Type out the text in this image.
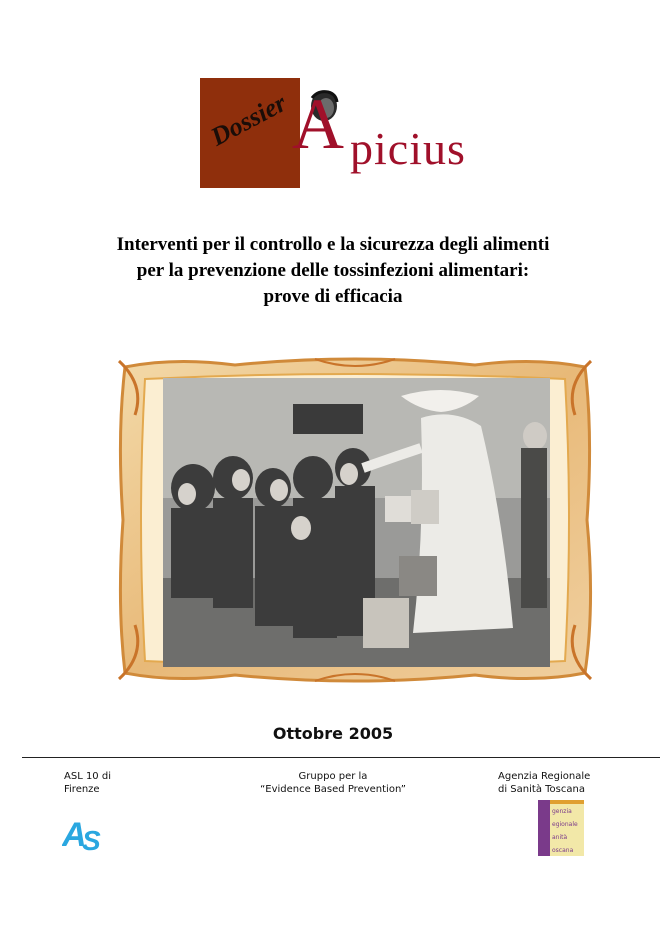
Dossier A picius
Interventi per il controllo e la sicurezza degli alimenti
per la prevenzione delle tossinfezioni alimentari:
prove di efficacia
Ottobre 2005
ASL 10 di
Firenze
Gruppo per la
“Evidence Based Prevention”
Agenzia Regionale
di Sanità Toscana
A
S
genzia
egionale
anità
oscana
